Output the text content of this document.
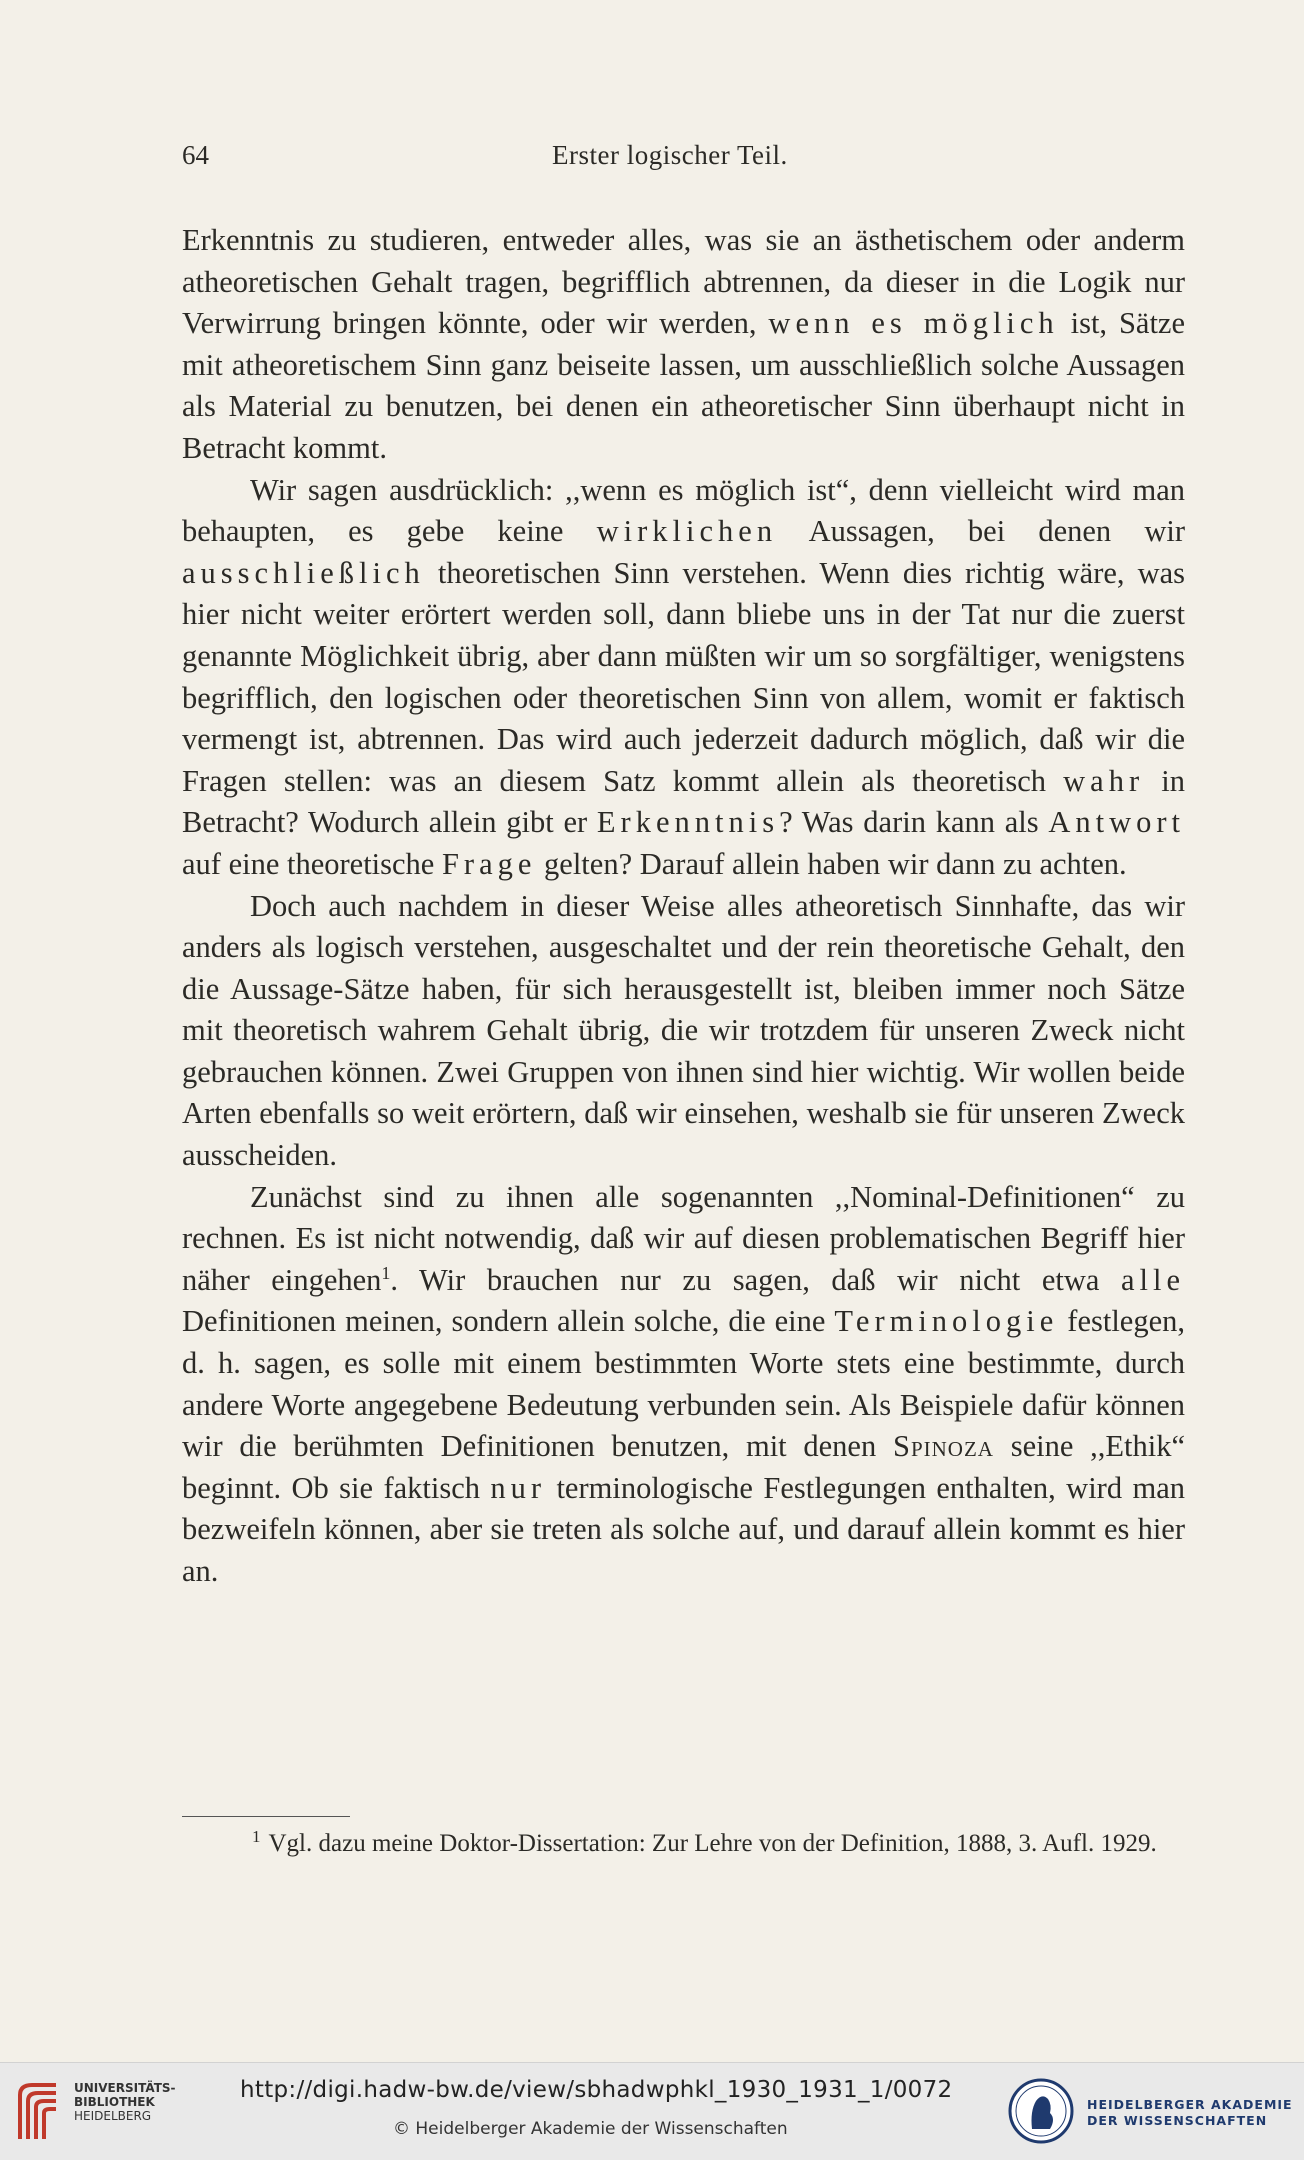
64	Erster logischer Teil.

Erkenntnis zu studieren, entweder alles, was sie an ästhetischem oder anderm atheoretischen Gehalt tragen, begrifflich abtrennen, da dieser in die Logik nur Verwirrung bringen könnte, oder wir werden, wenn es möglich ist, Sätze mit atheoretischem Sinn ganz beiseite lassen, um ausschließlich solche Aussagen als Material zu benutzen, bei denen ein atheoretischer Sinn überhaupt nicht in Betracht kommt.

Wir sagen ausdrücklich: ,,wenn es möglich ist“, denn vielleicht wird man behaupten, es gebe keine wirklichen Aussagen, bei denen wir ausschließlich theoretischen Sinn verstehen. Wenn dies richtig wäre, was hier nicht weiter erörtert werden soll, dann bliebe uns in der Tat nur die zuerst genannte Möglichkeit übrig, aber dann müßten wir um so sorgfältiger, wenigstens begrifflich, den logischen oder theoretischen Sinn von allem, womit er faktisch vermengt ist, abtrennen. Das wird auch jederzeit dadurch möglich, daß wir die Fragen stellen: was an diesem Satz kommt allein als theoretisch wahr in Betracht? Wodurch allein gibt er Erkenntnis? Was darin kann als Antwort auf eine theoretische Frage gelten? Darauf allein haben wir dann zu achten.

Doch auch nachdem in dieser Weise alles atheoretisch Sinnhafte, das wir anders als logisch verstehen, ausgeschaltet und der rein theoretische Gehalt, den die Aussage-Sätze haben, für sich herausgestellt ist, bleiben immer noch Sätze mit theoretisch wahrem Gehalt übrig, die wir trotzdem für unseren Zweck nicht gebrauchen können. Zwei Gruppen von ihnen sind hier wichtig. Wir wollen beide Arten ebenfalls so weit erörtern, daß wir einsehen, weshalb sie für unseren Zweck ausscheiden.

Zunächst sind zu ihnen alle sogenannten ,,Nominal-Definitionen“ zu rechnen. Es ist nicht notwendig, daß wir auf diesen problematischen Begriff hier näher eingehen$^1$. Wir brauchen nur zu sagen, daß wir nicht etwa alle Definitionen meinen, sondern allein solche, die eine Terminologie festlegen, d. h. sagen, es solle mit einem bestimmten Worte stets eine bestimmte, durch andere Worte angegebene Bedeutung verbunden sein. Als Beispiele dafür können wir die berühmten Definitionen benutzen, mit denen Spinoza seine ,,Ethik“ beginnt. Ob sie faktisch nur terminologische Festlegungen enthalten, wird man bezweifeln können, aber sie treten als solche auf, und darauf allein kommt es hier an.

$^1$ Vgl. dazu meine Doktor-Dissertation: Zur Lehre von der Definition, 1888, 3. Aufl. 1929.
UNIVERSITÄTS-
BIBLIOTHEK
HEIDELBERG
http://digi.hadw-bw.de/view/sbhadwphkl_1930_1931_1/0072
© Heidelberger Akademie der Wissenschaften
HEIDELBERGER AKADEMIE
DER WISSENSCHAFTEN
